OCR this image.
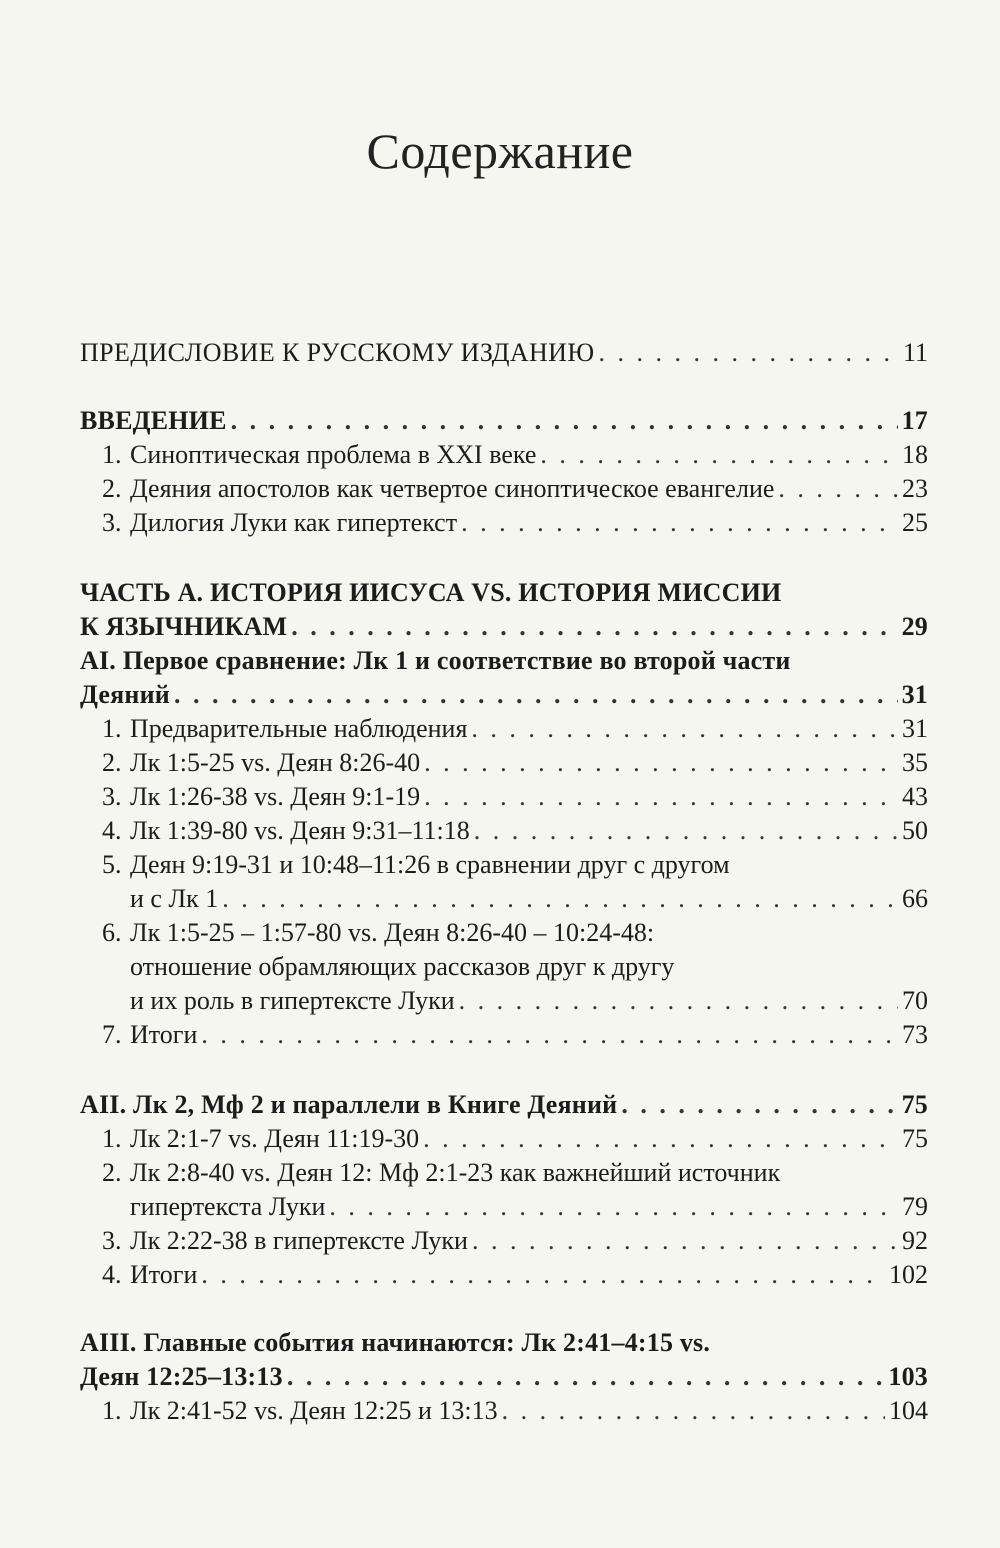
Содержание
ПРЕДИСЛОВИЕ К РУССКОМУ ИЗДАНИЮ . . .	11
ВВЕДЕНИЕ . . .	17
1. Синоптическая проблема в XXI веке . . .	18
2. Деяния апостолов как четвертое синоптическое евангелие . . .	23
3. Дилогия Луки как гипертекст . . .	25
ЧАСТЬ А. ИСТОРИЯ ИИСУСА VS. ИСТОРИЯ МИССИИ
К ЯЗЫЧНИКАМ . . .	29
AI. Первое сравнение: Лк 1 и соответствие во второй части
Деяний . . .	31
1. Предварительные наблюдения . . .	31
2. Лк 1:5-25 vs. Деян 8:26-40 . . .	35
3. Лк 1:26-38 vs. Деян 9:1-19 . . .	43
4. Лк 1:39-80 vs. Деян 9:31–11:18 . . .	50
5. Деян 9:19-31 и 10:48–11:26 в сравнении друг с другом
и с Лк 1 . . .	66
6. Лк 1:5-25 – 1:57-80 vs. Деян 8:26-40 – 10:24-48:
отношение обрамляющих рассказов друг к другу
и их роль в гипертексте Луки . . .	70
7. Итоги . . .	73
AII. Лк 2, Мф 2 и параллели в Книге Деяний . . .	75
1. Лк 2:1-7 vs. Деян 11:19-30 . . .	75
2. Лк 2:8-40 vs. Деян 12: Мф 2:1-23 как важнейший источник
гипертекста Луки . . .	79
3. Лк 2:22-38 в гипертексте Луки . . .	92
4. Итоги . . .	102
AIII. Главные события начинаются: Лк 2:41–4:15 vs.
Деян 12:25–13:13 . . .	103
1. Лк 2:41-52 vs. Деян 12:25 и 13:13 . . .	104
